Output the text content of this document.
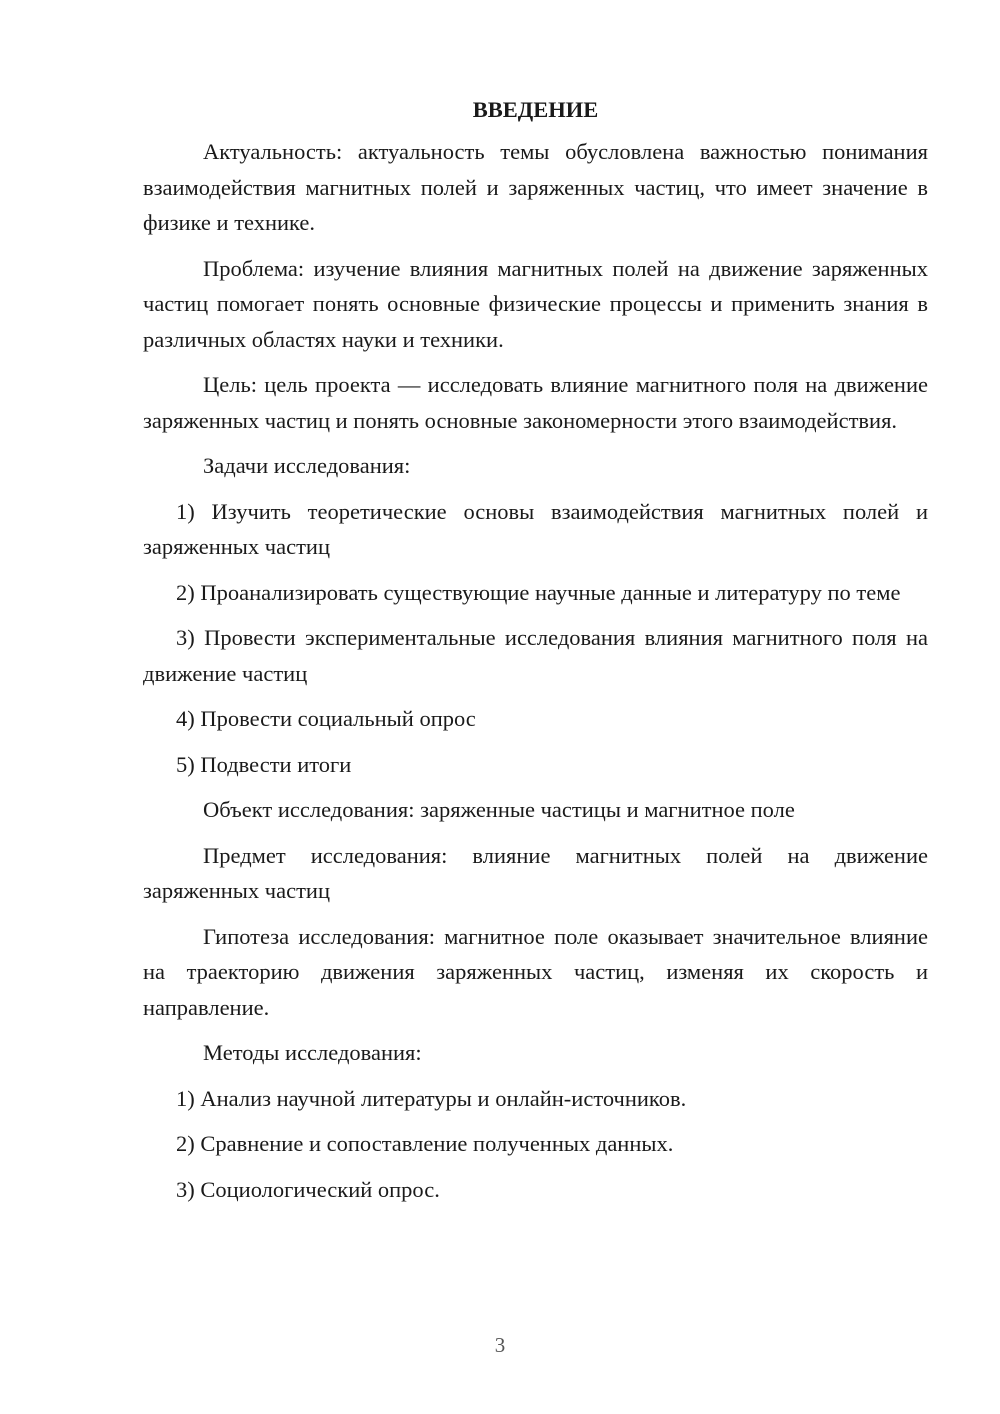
ВВЕДЕНИЕ

Актуальность: актуальность темы обусловлена важностью понимания взаимодействия магнитных полей и заряженных частиц, что имеет значение в физике и технике.

Проблема: изучение влияния магнитных полей на движение заряженных частиц помогает понять основные физические процессы и применить знания в различных областях науки и техники.

Цель: цель проекта — исследовать влияние магнитного поля на движение заряженных частиц и понять основные закономерности этого взаимодействия.

Задачи исследования:

1) Изучить теоретические основы взаимодействия магнитных полей и заряженных частиц

2) Проанализировать существующие научные данные и литературу по теме

3) Провести экспериментальные исследования влияния магнитного поля на движение частиц

4) Провести социальный опрос

5) Подвести итоги

Объект исследования: заряженные частицы и магнитное поле

Предмет исследования: влияние магнитных полей на движение заряженных частиц

Гипотеза исследования: магнитное поле оказывает значительное влияние на траекторию движения заряженных частиц, изменяя их скорость и направление.

Методы исследования:

1) Анализ научной литературы и онлайн-источников.

2) Сравнение и сопоставление полученных данных.

3) Социологический опрос.

3
